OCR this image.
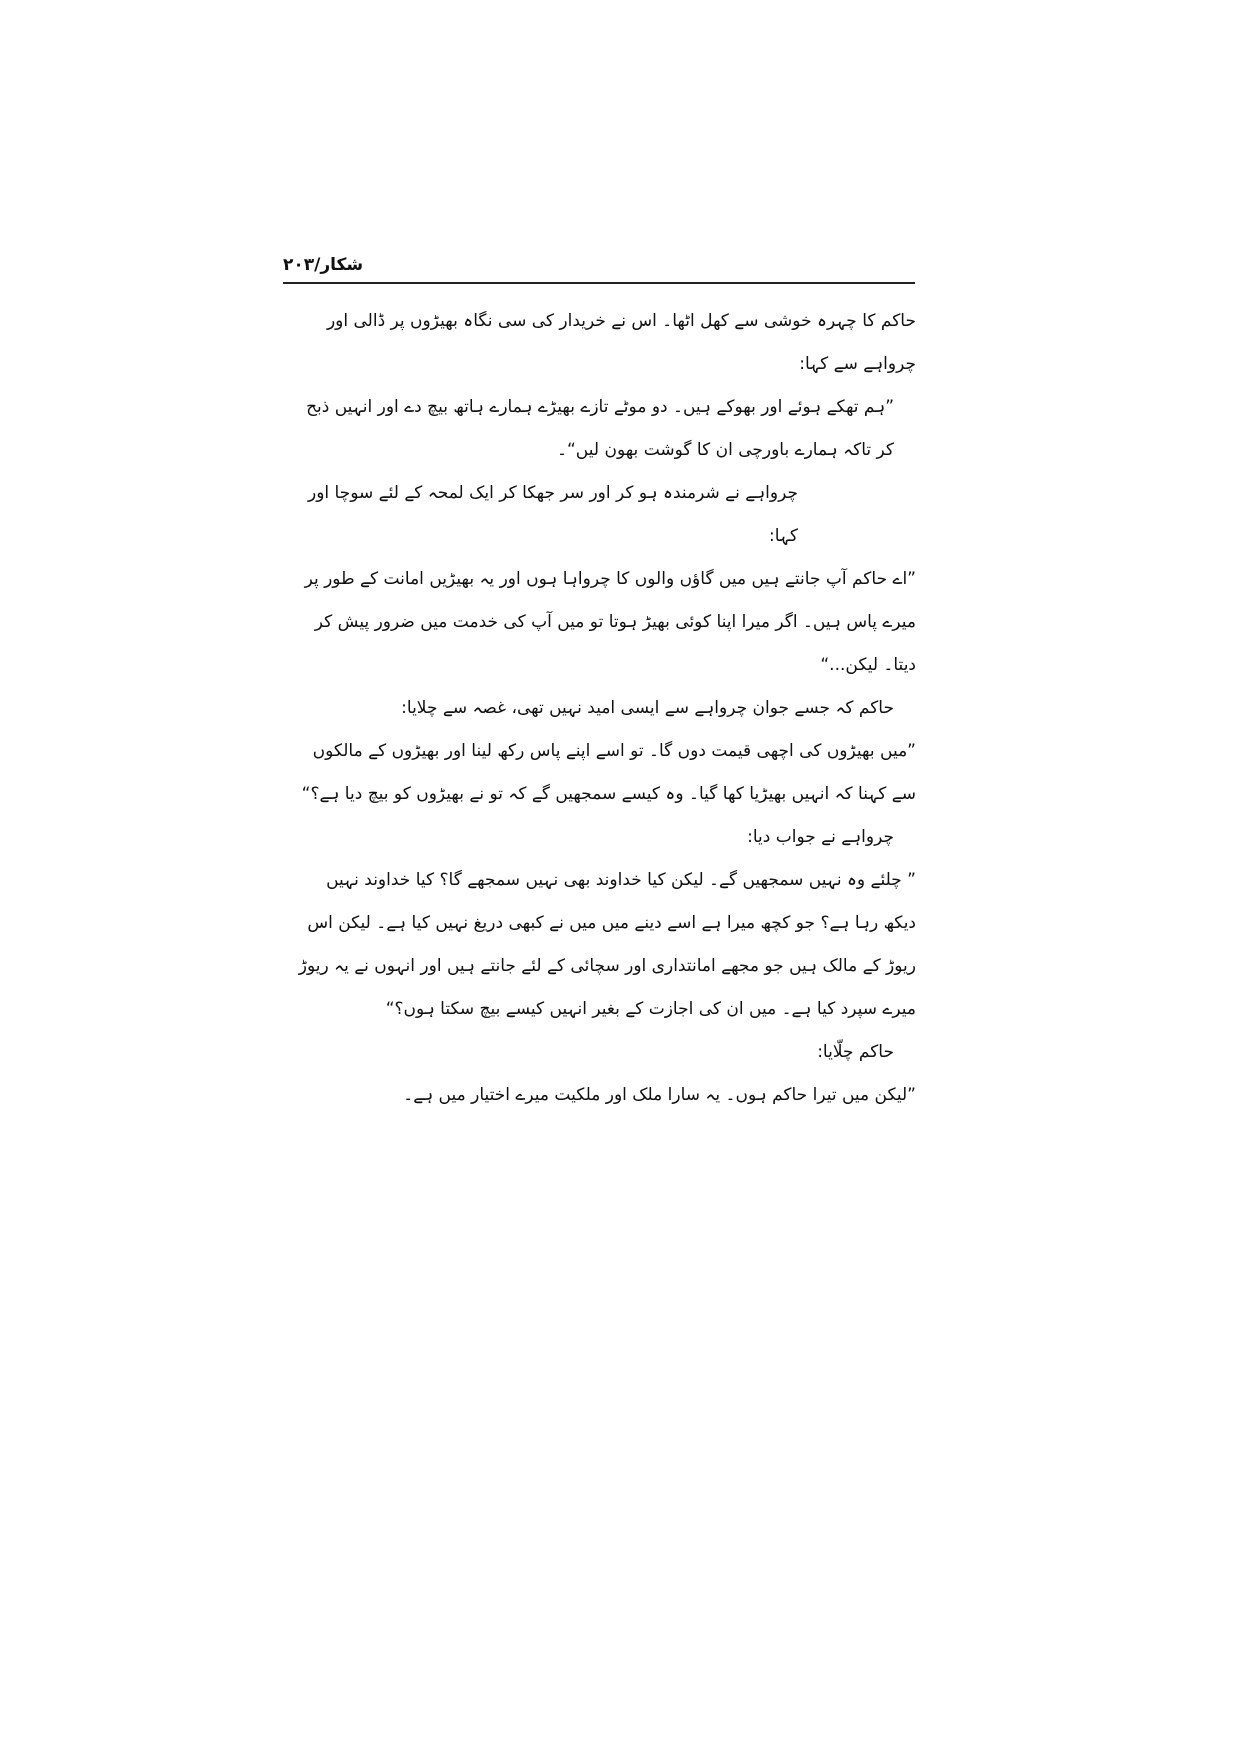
شکار/۲۰۳

حاکم کا چہرہ خوشی سے کھل اٹھا۔ اس نے خریدار کی سی نگاہ بھیڑوں پر ڈالی اور چرواہے سے کہا:

”ہم تھکے ہوئے اور بھوکے ہیں۔ دو موٹے تازے بھیڑے ہمارے ہاتھ بیچ دے اور انہیں ذبح کر تاکہ ہمارے باورچی ان کا گوشت بھون لیں“۔

چرواہے نے شرمندہ ہو کر اور سر جھکا کر ایک لمحہ کے لئے سوچا اور کہا:

”اے حاکم آپ جانتے ہیں میں گاؤں والوں کا چرواہا ہوں اور یہ بھیڑیں امانت کے طور پر میرے پاس ہیں۔ اگر میرا اپنا کوئی بھیڑ ہوتا تو میں آپ کی خدمت میں ضرور پیش کر دیتا۔ لیکن...“

حاکم کہ جسے جوان چرواہے سے ایسی امید نہیں تھی، غصہ سے چلایا:

”میں بھیڑوں کی اچھی قیمت دوں گا۔ تو اسے اپنے پاس رکھ لینا اور بھیڑوں کے مالکوں سے کہنا کہ انہیں بھیڑیا کھا گیا۔ وہ کیسے سمجھیں گے کہ تو نے بھیڑوں کو بیچ دیا ہے؟“

چرواہے نے جواب دیا:

” چلئے وہ نہیں سمجھیں گے۔ لیکن کیا خداوند بھی نہیں سمجھے گا؟ کیا خداوند نہیں دیکھ رہا ہے؟ جو کچھ میرا ہے اسے دینے میں میں نے کبھی دریغ نہیں کیا ہے۔ لیکن اس ریوڑ کے مالک ہیں جو مجھے امانتداری اور سچائی کے لئے جانتے ہیں اور انہوں نے یہ ریوڑ میرے سپرد کیا ہے۔ میں ان کی اجازت کے بغیر انہیں کیسے بیچ سکتا ہوں؟“

حاکم چلّایا:

”لیکن میں تیرا حاکم ہوں۔ یہ سارا ملک اور ملکیت میرے اختیار میں ہے۔
